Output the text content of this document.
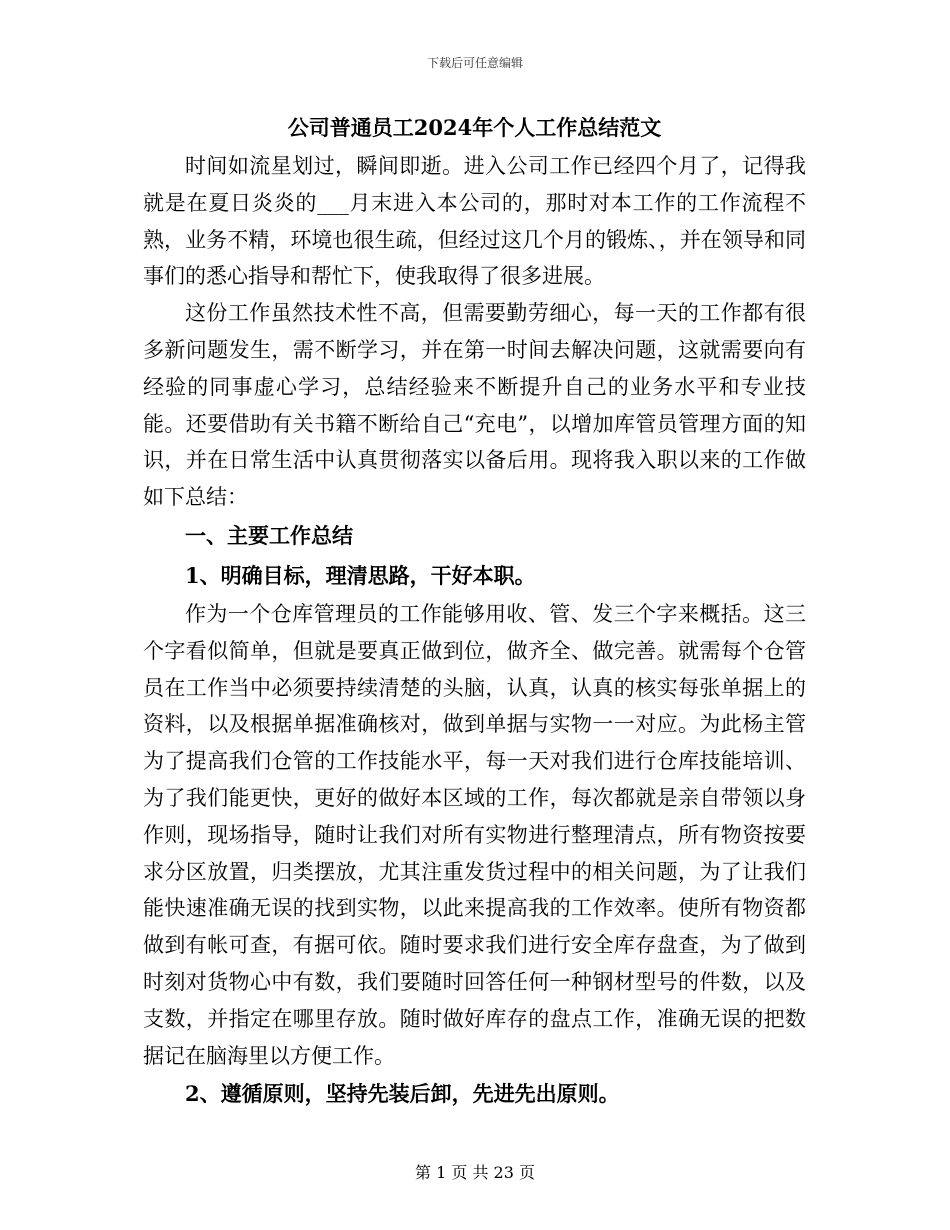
下载后可任意编辑
公司普通员工2024年个人工作总结范文

时间如流星划过，瞬间即逝。进入公司工作已经四个月了，记得我就是在夏日炎炎的___月末进入本公司的，那时对本工作的工作流程不熟，业务不精，环境也很生疏，但经过这几个月的锻炼、，并在领导和同事们的悉心指导和帮忙下，使我取得了很多进展。

这份工作虽然技术性不高，但需要勤劳细心，每一天的工作都有很多新问题发生，需不断学习，并在第一时间去解决问题，这就需要向有经验的同事虚心学习，总结经验来不断提升自己的业务水平和专业技能。还要借助有关书籍不断给自己“充电”，以增加库管员管理方面的知识，并在日常生活中认真贯彻落实以备后用。现将我入职以来的工作做如下总结：

一、主要工作总结

1、明确目标，理清思路，干好本职。

作为一个仓库管理员的工作能够用收、管、发三个字来概括。这三个字看似简单，但就是要真正做到位，做齐全、做完善。就需每个仓管员在工作当中必须要持续清楚的头脑，认真，认真的核实每张单据上的资料，以及根据单据准确核对，做到单据与实物一一对应。为此杨主管为了提高我们仓管的工作技能水平，每一天对我们进行仓库技能培训、为了我们能更快，更好的做好本区域的工作，每次都就是亲自带领以身作则，现场指导，随时让我们对所有实物进行整理清点，所有物资按要求分区放置，归类摆放，尤其注重发货过程中的相关问题，为了让我们能快速准确无误的找到实物，以此来提高我的工作效率。使所有物资都做到有帐可查，有据可依。随时要求我们进行安全库存盘查，为了做到时刻对货物心中有数，我们要随时回答任何一种钢材型号的件数，以及支数，并指定在哪里存放。随时做好库存的盘点工作，准确无误的把数据记在脑海里以方便工作。

2、遵循原则，坚持先装后卸，先进先出原则。

第 1 页 共 23 页
